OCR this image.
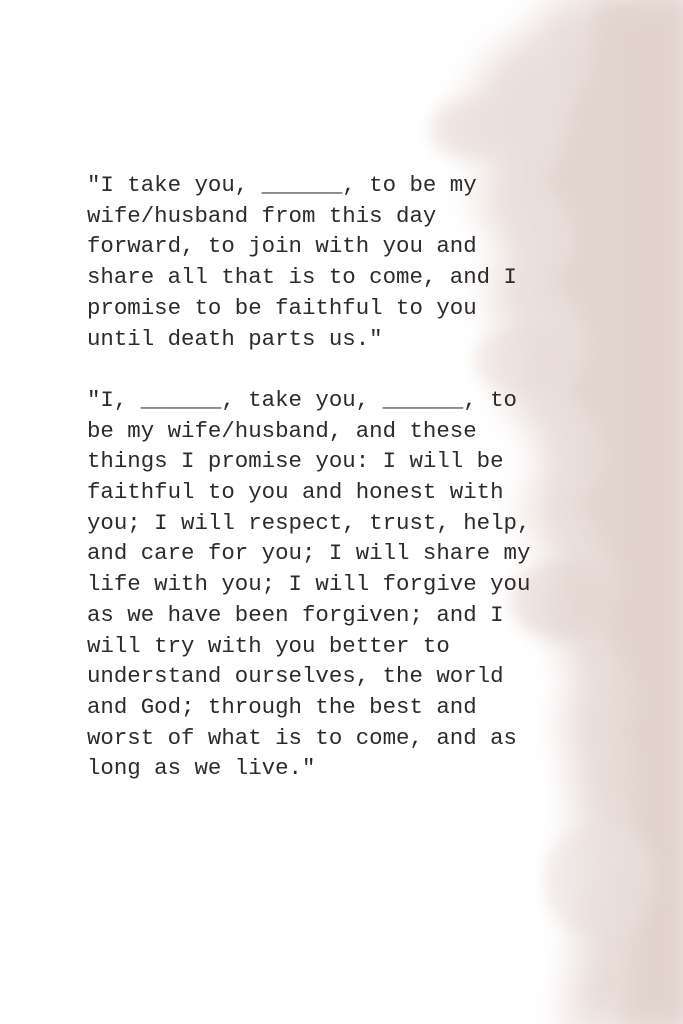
"I take you, ______, to be my
wife/husband from this day
forward, to join with you and
share all that is to come, and I
promise to be faithful to you
until death parts us."

"I, ______, take you, ______, to
be my wife/husband, and these
things I promise you: I will be
faithful to you and honest with
you; I will respect, trust, help,
and care for you; I will share my
life with you; I will forgive you
as we have been forgiven; and I
will try with you better to
understand ourselves, the world
and God; through the best and
worst of what is to come, and as
long as we live."
